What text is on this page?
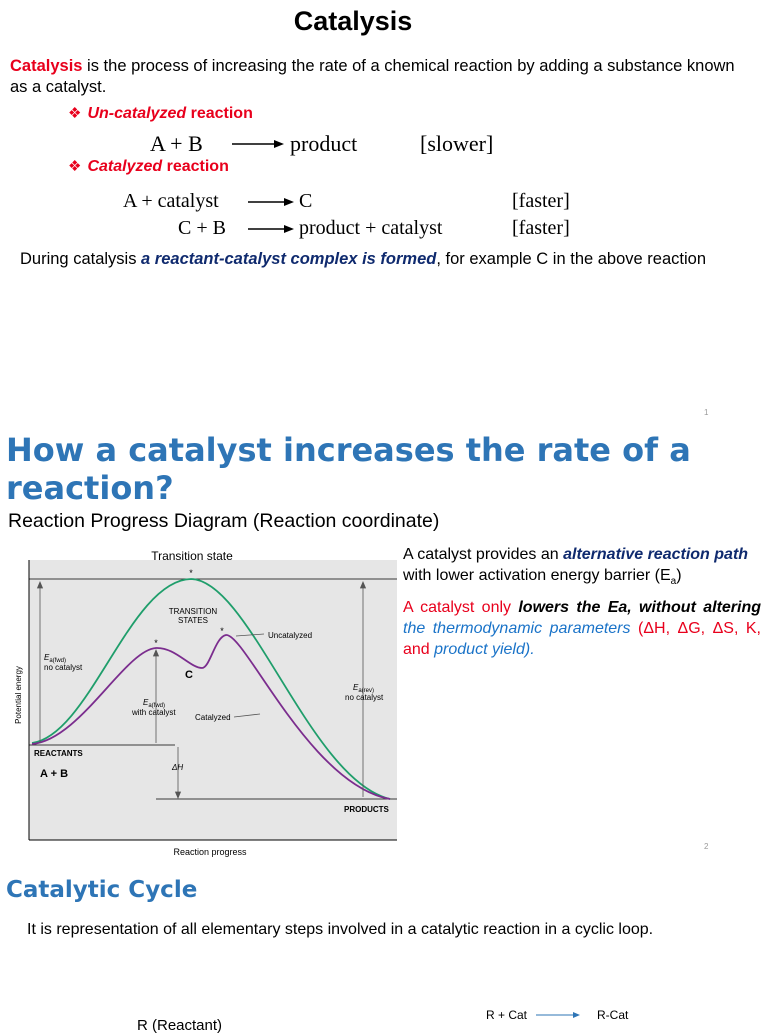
Catalysis
Catalysis is the process of increasing the rate of a chemical reaction by adding a substance known as a catalyst.
❖ Un-catalyzed reaction
A + B	product	[slower]
❖ Catalyzed reaction
A + catalyst	C	[faster]
C + B	product + catalyst	[faster]
During catalysis a reactant-catalyst complex is formed, for example C in the above reaction
1
How a catalyst increases the rate of a reaction?
Reaction Progress Diagram (Reaction coordinate)
*
*
*
Transition state
TRANSITION
STATES
Uncatalyzed
Catalyzed
$E_{a(fwd)}$
no catalyst
$E_{a(fwd)}$
with catalyst
$E_{a(rev)}$
no catalyst
C
REACTANTS
A + B
ΔH
PRODUCTS
Reaction progress
Potential energy
A catalyst provides an alternative reaction path with lower activation energy barrier $(E_a)$
A catalyst only lowers the Ea, without altering the thermodynamic parameters (ΔH, ΔG, ΔS, K, and product yield).
2
Catalytic Cycle
It is representation of all elementary steps involved in a catalytic reaction in a cyclic loop.
R (Reactant)
R + Cat	R-Cat
